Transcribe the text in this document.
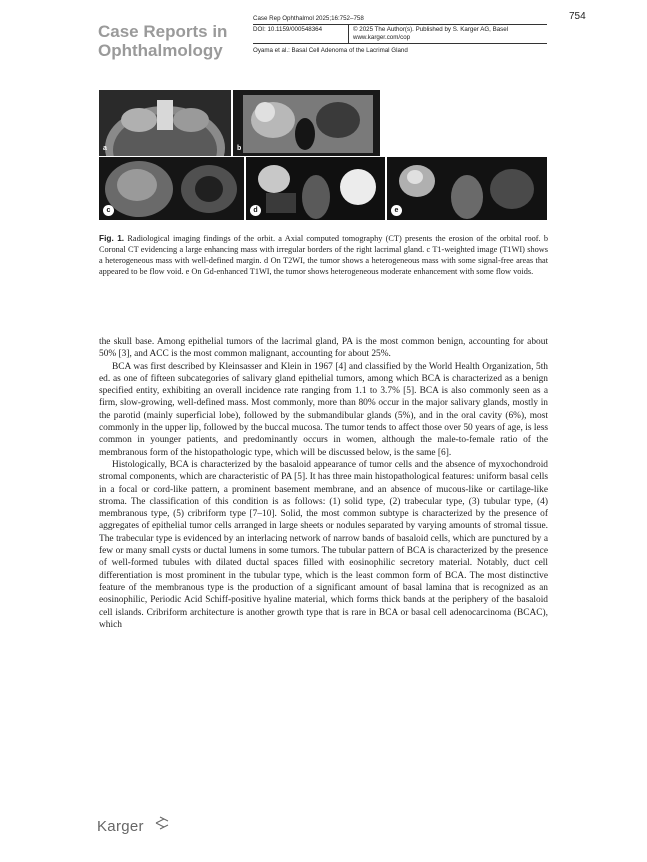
Case Reports in Ophthalmology
754
Case Rep Ophthalmol 2025;16:752–758
DOI: 10.1159/000548364	© 2025 The Author(s). Published by S. Karger AG, Basel
www.karger.com/cop
Oyama et al.: Basal Cell Adenoma of the Lacrimal Gland
a	b
c	d	e
Fig. 1. Radiological imaging findings of the orbit. a Axial computed tomography (CT) presents the erosion of the orbital roof. b Coronal CT evidencing a large enhancing mass with irregular borders of the right lacrimal gland. c T1-weighted image (T1WI) shows a heterogeneous mass with well-defined margin. d On T2WI, the tumor shows a heterogeneous mass with some signal-free areas that appeared to be flow void. e On Gd-enhanced T1WI, the tumor shows heterogeneous moderate enhancement with some flow voids.

the skull base. Among epithelial tumors of the lacrimal gland, PA is the most common benign, accounting for about 50% [3], and ACC is the most common malignant, accounting for about 25%.

BCA was first described by Kleinsasser and Klein in 1967 [4] and classified by the World Health Organization, 5th ed. as one of fifteen subcategories of salivary gland epithelial tumors, among which BCA is characterized as a benign specified entity, exhibiting an overall incidence rate ranging from 1.1 to 3.7% [5]. BCA is also commonly seen as a firm, slow-growing, well-defined mass. Most commonly, more than 80% occur in the major salivary glands, mostly in the parotid (mainly superficial lobe), followed by the submandibular glands (5%), and in the oral cavity (6%), most commonly in the upper lip, followed by the buccal mucosa. The tumor tends to affect those over 50 years of age, is less common in younger patients, and predominantly occurs in women, although the male-to-female ratio of the membranous form of the histopathologic type, which will be discussed below, is the same [6].

Histologically, BCA is characterized by the basaloid appearance of tumor cells and the absence of myxochondroid stromal components, which are characteristic of PA [5]. It has three main histopathological features: uniform basal cells in a focal or cord-like pattern, a prominent basement membrane, and an absence of mucous-like or cartilage-like stroma. The classification of this condition is as follows: (1) solid type, (2) trabecular type, (3) tubular type, (4) membranous type, (5) cribriform type [7–10]. Solid, the most common subtype is characterized by the presence of aggregates of epithelial tumor cells arranged in large sheets or nodules separated by varying amounts of stromal tissue. The trabecular type is evidenced by an interlacing network of narrow bands of basaloid cells, which are punctured by a few or many small cysts or ductal lumens in some tumors. The tubular pattern of BCA is characterized by the presence of well-formed tubules with dilated ductal spaces filled with eosinophilic secretory material. Notably, duct cell differentiation is most prominent in the tubular type, which is the least common form of BCA. The most distinctive feature of the membranous type is the production of a significant amount of basal lamina that is recognized as an eosinophilic, Periodic Acid Schiff-positive hyaline material, which forms thick bands at the periphery of the basaloid cell islands. Cribriform architecture is another growth type that is rare in BCA or basal cell adenocarcinoma (BCAC), which

Karger
